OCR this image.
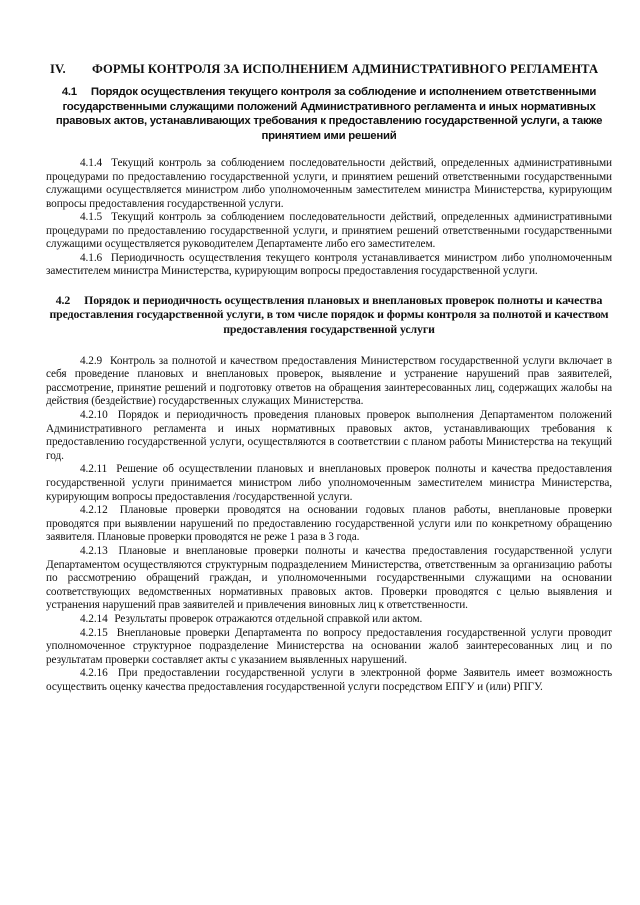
IV.	ФОРМЫ КОНТРОЛЯ ЗА ИСПОЛНЕНИЕМ АДМИНИСТРАТИВНОГО РЕГЛАМЕНТА
4.1 Порядок осуществления текущего контроля за соблюдение и исполнением ответственными государственными служащими положений Административного регламента и иных нормативных правовых актов, устанавливающих требования к предоставлению государственной услуги, а также принятием ими решений

4.1.4 Текущий контроль за соблюдением последовательности действий, определенных административными процедурами по предоставлению государственной услуги, и принятием решений ответственными государственными служащими осуществляется министром либо уполномоченным заместителем министра Министерства, курирующим вопросы предоставления государственной услуги.

4.1.5 Текущий контроль за соблюдением последовательности действий, определенных административными процедурами по предоставлению государственной услуги, и принятием решений ответственными государственными служащими осуществляется руководителем Департаменте либо его заместителем.

4.1.6 Периодичность осуществления текущего контроля устанавливается министром либо уполномоченным заместителем министра Министерства, курирующим вопросы предоставления государственной услуги.

4.2 Порядок и периодичность осуществления плановых и внеплановых проверок полноты и качества предоставления государственной услуги, в том числе порядок и формы контроля за полнотой и качеством предоставления государственной услуги

4.2.9 Контроль за полнотой и качеством предоставления Министерством государственной услуги включает в себя проведение плановых и внеплановых проверок, выявление и устранение нарушений прав заявителей, рассмотрение, принятие решений и подготовку ответов на обращения заинтересованных лиц, содержащих жалобы на действия (бездействие) государственных служащих Министерства.

4.2.10 Порядок и периодичность проведения плановых проверок выполнения Департаментом положений Административного регламента и иных нормативных правовых актов, устанавливающих требования к предоставлению государственной услуги, осуществляются в соответствии с планом работы Министерства на текущий год.

4.2.11 Решение об осуществлении плановых и внеплановых проверок полноты и качества предоставления государственной услуги принимается министром либо уполномоченным заместителем министра Министерства, курирующим вопросы предоставления /государственной услуги.

4.2.12 Плановые проверки проводятся на основании годовых планов работы, внеплановые проверки проводятся при выявлении нарушений по предоставлению государственной услуги или по конкретному обращению заявителя. Плановые проверки проводятся не реже 1 раза в 3 года.

4.2.13 Плановые и внеплановые проверки полноты и качества предоставления государственной услуги Департаментом осуществляются структурным подразделением Министерства, ответственным за организацию работы по рассмотрению обращений граждан, и уполномоченными государственными служащими на основании соответствующих ведомственных нормативных правовых актов. Проверки проводятся с целью выявления и устранения нарушений прав заявителей и привлечения виновных лиц к ответственности.

4.2.14 Результаты проверок отражаются отдельной справкой или актом.

4.2.15 Внеплановые проверки Департамента по вопросу предоставления государственной услуги проводит уполномоченное структурное подразделение Министерства на основании жалоб заинтересованных лиц и по результатам проверки составляет акты с указанием выявленных нарушений.

4.2.16 При предоставлении государственной услуги в электронной форме Заявитель имеет возможность осуществить оценку качества предоставления государственной услуги посредством ЕПГУ и (или) РПГУ.
